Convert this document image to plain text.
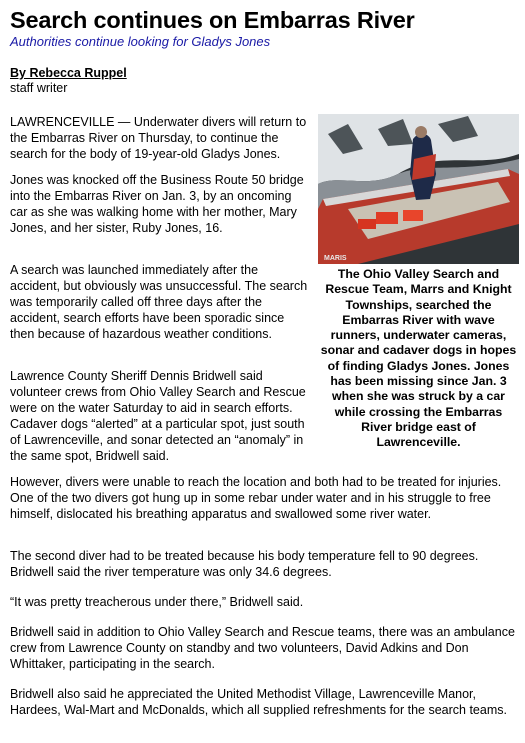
Search continues on Embarras River
Authorities continue looking for Gladys Jones
By Rebecca Ruppel
staff writer

LAWRENCEVILLE — Underwater divers will return to the Embarras River on Thursday, to continue the search for the body of 19-year-old Gladys Jones.

Jones was knocked off the Business Route 50 bridge into the Embarras River on Jan. 3, by an oncoming car as she was walking home with her mother, Mary Jones, and her sister, Ruby Jones, 16.

A search was launched immediately after the accident, but obviously was unsuccessful. The search was temporarily called off three days after the accident, search efforts have been sporadic since then because of hazardous weather conditions.

Lawrence County Sheriff Dennis Bridwell said volunteer crews from Ohio Valley Search and Rescue were on the water Saturday to aid in search efforts. Cadaver dogs “alerted” at a particular spot, just south of Lawrenceville, and sonar detected an “anomaly” in the same spot, Bridwell said.

MARIS

The Ohio Valley Search and Rescue Team, Marrs and Knight Townships, searched the Embarras River with wave runners, underwater cameras, sonar and cadaver dogs in hopes of finding Gladys Jones. Jones has been missing since Jan. 3 when she was struck by a car while crossing the Embarras River bridge east of Lawrenceville.

However, divers were unable to reach the location and both had to be treated for injuries. One of the two divers got hung up in some rebar under water and in his struggle to free himself, dislocated his breathing apparatus and swallowed some river water.

The second diver had to be treated because his body temperature fell to 90 degrees. Bridwell said the river temperature was only 34.6 degrees.

“It was pretty treacherous under there,” Bridwell said.

Bridwell said in addition to Ohio Valley Search and Rescue teams, there was an ambulance crew from Lawrence County on standby and two volunteers, David Adkins and Don Whittaker, participating in the search.

Bridwell also said he appreciated the United Methodist Village, Lawrenceville Manor, Hardees, Wal-Mart and McDonalds, which all supplied refreshments for the search teams.
